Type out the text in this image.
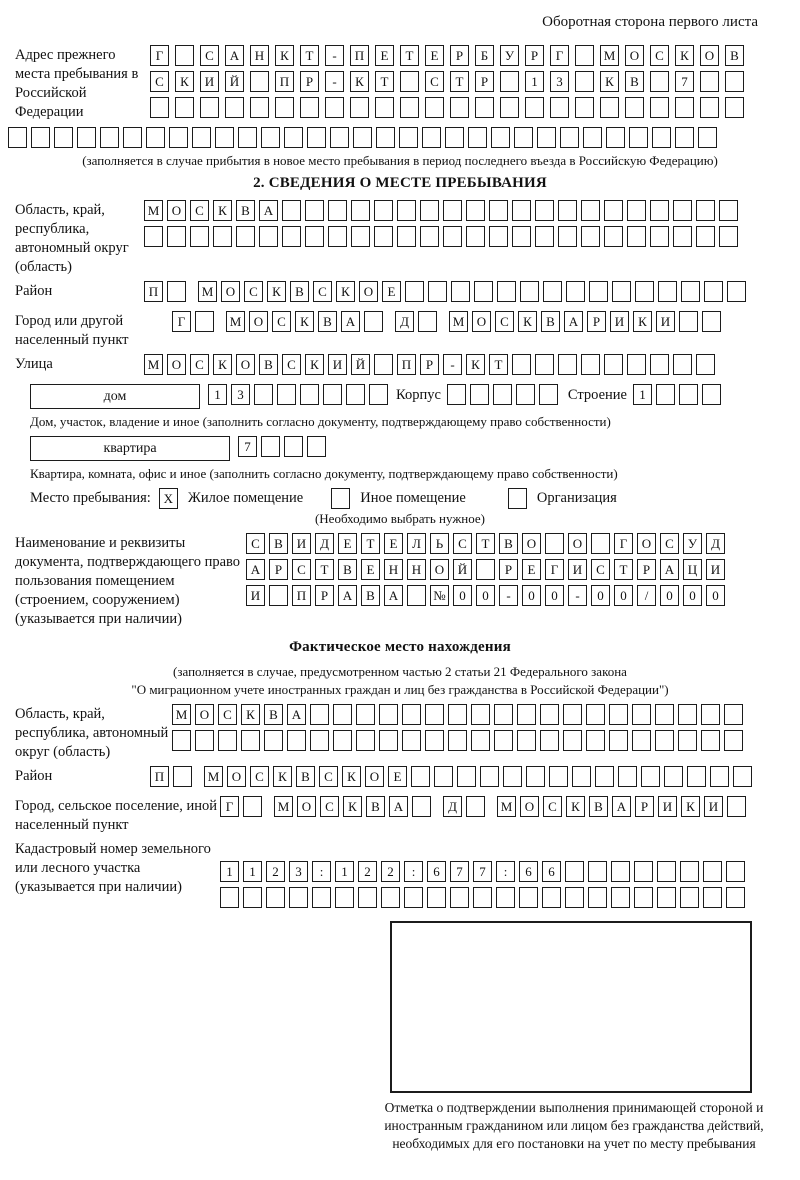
Оборотная сторона первого листа
Адрес прежнего места пребывания в Российской Федерации
Г	С	А	Н	К	Т	-	П	Е	Т	Е	Р	Б	У	Р	Г	М	О	С	К	О	В
С	К	И	Й	П	Р	-	К	Т	С	Т	Р	1	3	К	В	7
(заполняется в случае прибытия в новое место пребывания в период последнего въезда в Российскую Федерацию)
2. СВЕДЕНИЯ О МЕСТЕ ПРЕБЫВАНИЯ
Область, край, республика, автономный округ (область)
М О	С	К	В	А
Район	П	М О	С	К	В	С	К	О	Е
Город или другой населенный пункт
Г	М О	С	К	В	А	Д	М О	С	К	В	А	Р	И	К	И
Улица	М О	С	К	О	В	С	К	И	Й	П	Р	-	К	Т
дом	1	3	Корпус	Строение 1
Дом, участок, владение и иное (заполнить согласно документу, подтверждающему право собственности)
квартира	7
Квартира, комната, офис и иное (заполнить согласно документу, подтверждающему право собственности)
Место пребывания: X	Жилое помещение	Иное помещение	Организация
(Необходимо выбрать нужное)
Наименование и реквизиты документа, подтверждающего право пользования помещением (строением, сооружением) (указывается при наличии)
С	В	И	Д	Е	Т	Е	Л	Ь	С	Т	В	О	О	Г	О	С	У	Д
А	Р	С	Т	В	Е	Н	Н	О	Й	Р	Е	Г	И	С	Т	Р	А	Ц	И
И	П	Р	А	В	А	№	0	0	-	0	0	-	0	0	/	0	0	0
Фактическое место нахождения
(заполняется в случае, предусмотренном частью 2 статьи 21 Федерального закона
"О миграционном учете иностранных граждан и лиц без гражданства в Российской Федерации")
Область, край, республика, автономный округ (область)
М О	С	К	В	А
Район	П	М О	С	К	В	С	К	О	Е
Город, сельское поселение, иной населенный пункт
Г	М О	С	К	В	А	Д	М О	С	К	В	А	Р	И	К	И
Кадастровый номер земельного или лесного участка (указывается при наличии)
1	1	2	3	:	1	2	2	:	6	7	7	:	6	6
Отметка о подтверждении выполнения принимающей стороной и иностранным гражданином или лицом без гражданства действий, необходимых для его постановки на учет по месту пребывания
